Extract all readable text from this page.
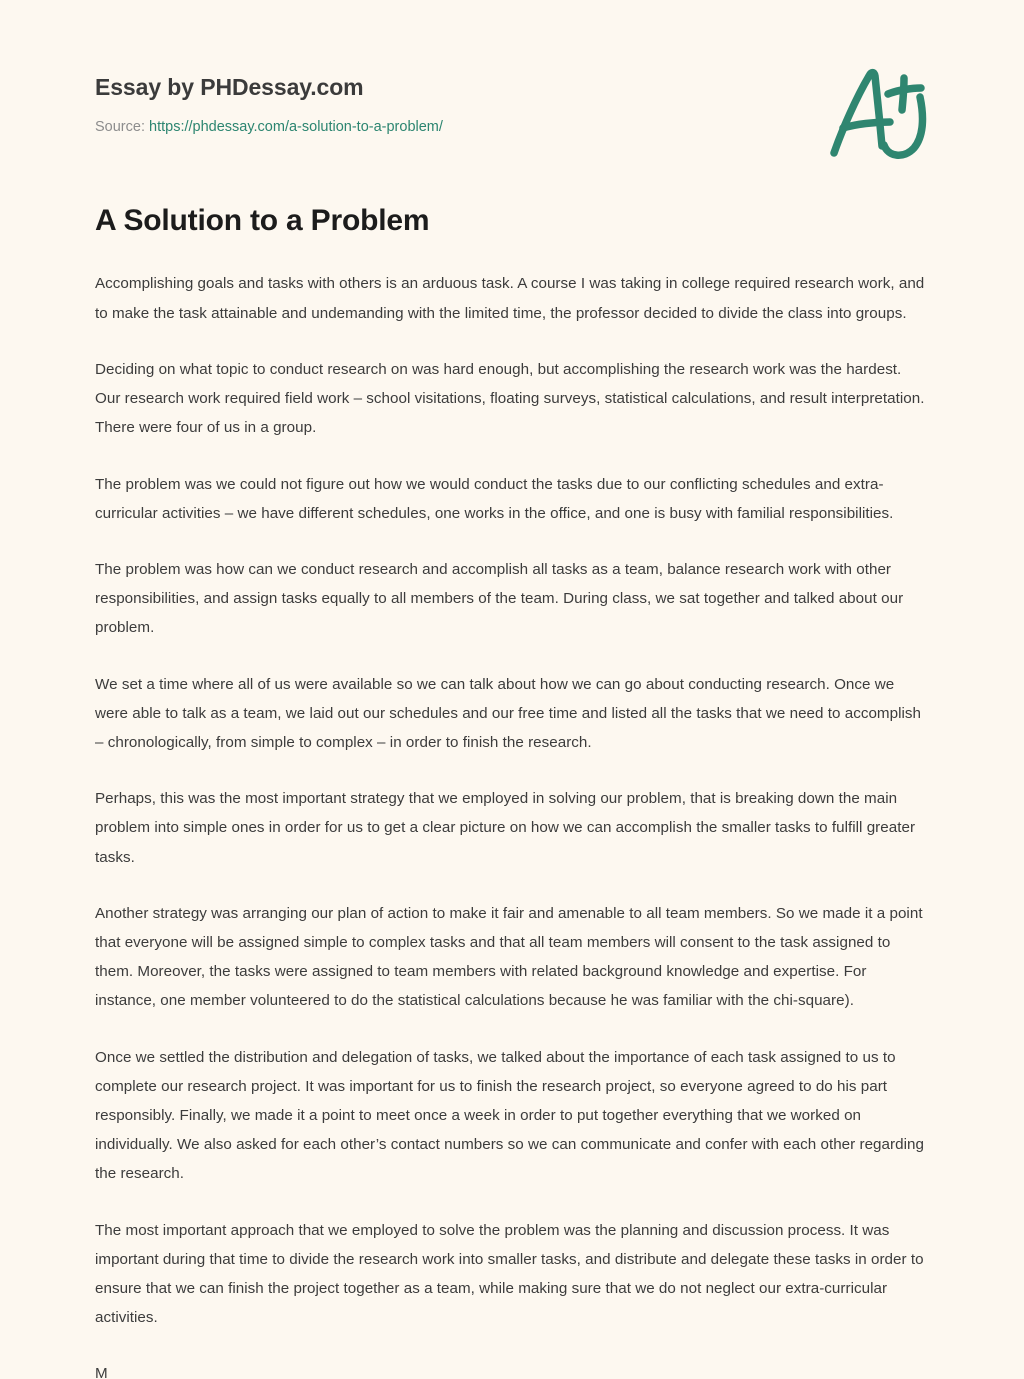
Essay by PHDessay.com
Source: https://phdessay.com/a-solution-to-a-problem/
A Solution to a Problem

Accomplishing goals and tasks with others is an arduous task. A course I was taking in college required research work, and to make the task attainable and undemanding with the limited time, the professor decided to divide the class into groups.

Deciding on what topic to conduct research on was hard enough, but accomplishing the research work was the hardest. Our research work required field work – school visitations, floating surveys, statistical calculations, and result interpretation. There were four of us in a group.

The problem was we could not figure out how we would conduct the tasks due to our conflicting schedules and extra-curricular activities – we have different schedules, one works in the office, and one is busy with familial responsibilities.

The problem was how can we conduct research and accomplish all tasks as a team, balance research work with other responsibilities, and assign tasks equally to all members of the team. During class, we sat together and talked about our problem.

We set a time where all of us were available so we can talk about how we can go about conducting research. Once we were able to talk as a team, we laid out our schedules and our free time and listed all the tasks that we need to accomplish – chronologically, from simple to complex – in order to finish the research.

Perhaps, this was the most important strategy that we employed in solving our problem, that is breaking down the main problem into simple ones in order for us to get a clear picture on how we can accomplish the smaller tasks to fulfill greater tasks.

Another strategy was arranging our plan of action to make it fair and amenable to all team members. So we made it a point that everyone will be assigned simple to complex tasks and that all team members will consent to the task assigned to them. Moreover, the tasks were assigned to team members with related background knowledge and expertise. For instance, one member volunteered to do the statistical calculations because he was familiar with the chi-square).

Once we settled the distribution and delegation of tasks, we talked about the importance of each task assigned to us to complete our research project. It was important for us to finish the research project, so everyone agreed to do his part responsibly. Finally, we made it a point to meet once a week in order to put together everything that we worked on individually. We also asked for each other’s contact numbers so we can communicate and confer with each other regarding the research.

The most important approach that we employed to solve the problem was the planning and discussion process. It was important during that time to divide the research work into smaller tasks, and distribute and delegate these tasks in order to ensure that we can finish the project together as a team, while making sure that we do not neglect our extra-curricular activities.

M
